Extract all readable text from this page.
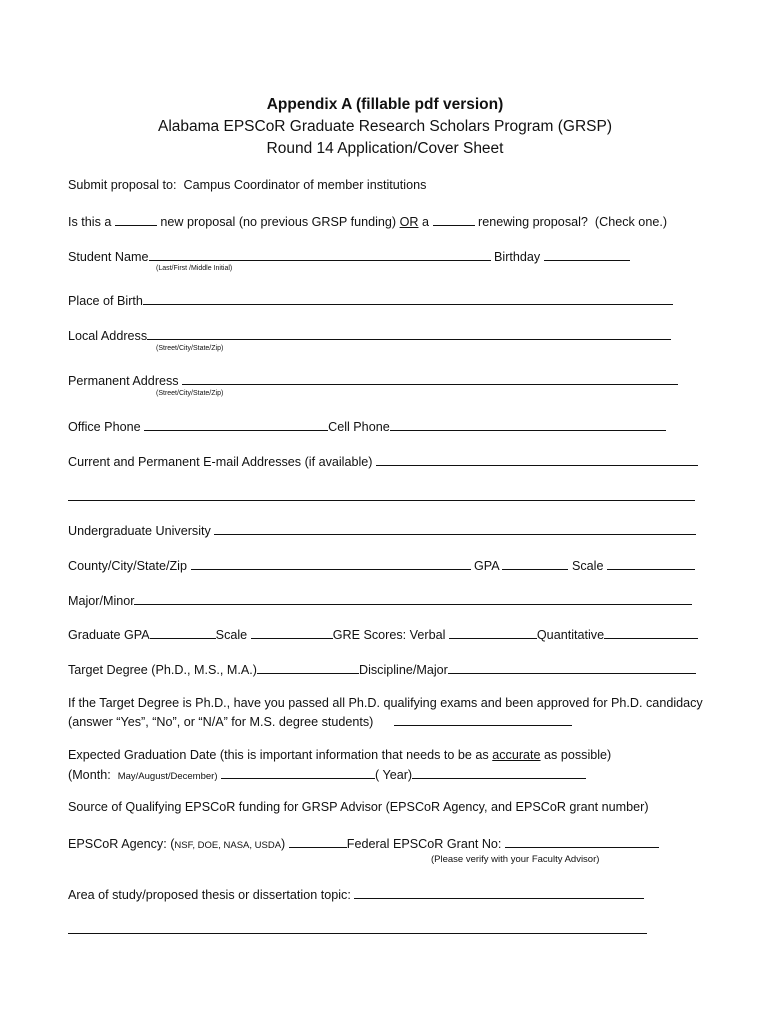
Appendix A (fillable pdf version)
Alabama EPSCoR Graduate Research Scholars Program (GRSP)
Round 14 Application/Cover Sheet
Submit proposal to: Campus Coordinator of member institutions
Is this a	new proposal (no previous GRSP funding) OR a	renewing proposal? (Check one.)
Student Name	Birthday
(Last/First /Middle Initial)
Place of Birth
Local Address
(Street/City/State/Zip)
Permanent Address
(Street/City/State/Zip)
Office Phone	Cell Phone
Current and Permanent E-mail Addresses (if available)
Undergraduate University
County/City/State/Zip	GPA	Scale
Major/Minor
Graduate GPA	Scale	GRE Scores: Verbal	Quantitative
Target Degree (Ph.D., M.S., M.A.)	Discipline/Major
If the Target Degree is Ph.D., have you passed all Ph.D. qualifying exams and been approved for Ph.D. candidacy
(answer “Yes”, “No”, or “N/A” for M.S. degree students)
Expected Graduation Date (this is important information that needs to be as accurate as possible)
(Month: May/August/December)	( Year)
Source of Qualifying EPSCoR funding for GRSP Advisor (EPSCoR Agency, and EPSCoR grant number)
EPSCoR Agency: (NSF, DOE, NASA, USDA)	Federal EPSCoR Grant No:
(Please verify with your Faculty Advisor)
Area of study/proposed thesis or dissertation topic:
